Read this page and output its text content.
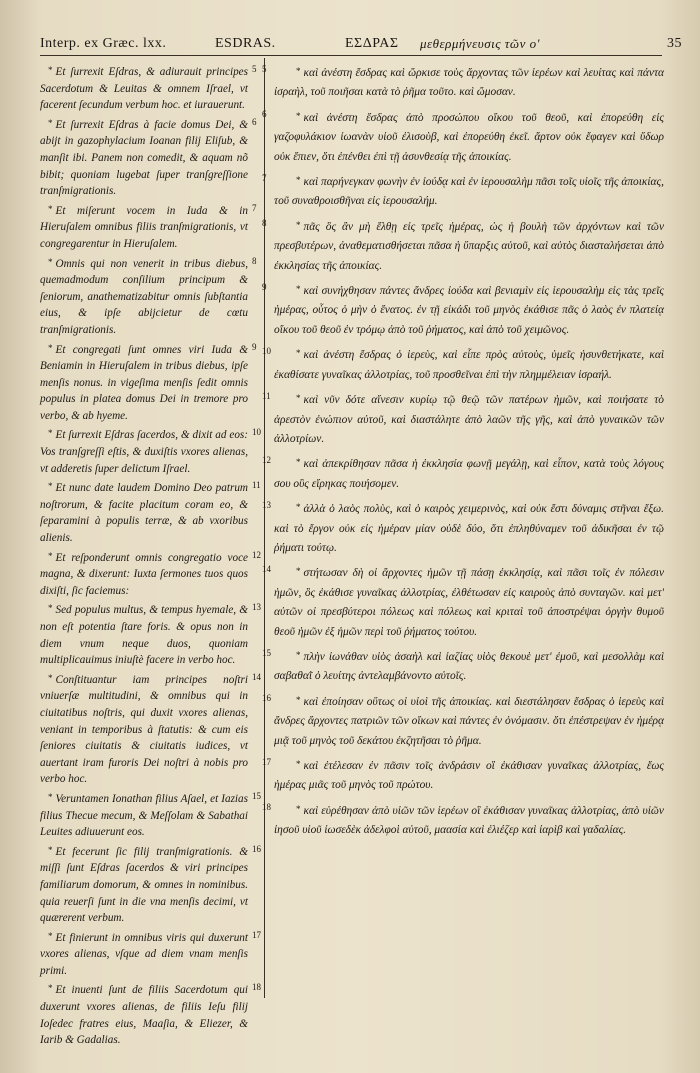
Interp. ex Græc. lxx.	ESDRAS.	ΕΣΔΡΑΣ μεθερμήνευσις τῶν ο'	35

* Et ſurrexit Eſdras, & adiurauit principes Sacerdotum & Leuitas & omnem Iſrael, vt facerent ſecundum verbum hoc. et iurauerunt.

* Et ſurrexit Eſdras à facie domus Dei, & abijt in gazophylacium Ioanan filij Eliſub, & manſit ibi. Panem non comedit, & aquam nõ bibit; quoniam lugebat ſuper tranſgreſſione tranſmigrationis.

* Et miſerunt vocem in Iuda & in Hieruſalem omnibus filiis tranſmigrationis, vt congregarentur in Hieruſalem.

* Omnis qui non venerit in tribus diebus, quemadmodum conſilium principum & ſeniorum, anathematizabitur omnis ſubſtantia eius, & ipſe abijcietur de cœtu tranſmigrationis.

* Et congregati ſunt omnes viri Iuda & Beniamin in Hieruſalem in tribus diebus, ipſe menſis nonus. in vigeſima menſis ſedit omnis populus in platea domus Dei in tremore pro verbo, & ab hyeme.

* Et ſurrexit Eſdras ſacerdos, & dixit ad eos: Vos tranſgreſſi eſtis, & duxiſtis vxores alienas, vt adderetis ſuper delictum Iſrael.

* Et nunc date laudem Domino Deo patrum noſtrorum, & facite placitum coram eo, & ſeparamini à populis terræ, & ab vxoribus alienis.

* Et reſponderunt omnis congregatio voce magna, & dixerunt: Iuxta ſermones tuos quos dixiſti, ſic faciemus:

* Sed populus multus, & tempus hyemale, & non eſt potentia ſtare foris. & opus non in diem vnum neque duos, quoniam multiplicauimus iniuſtè facere in verbo hoc.

* Conſtituantur iam principes noſtri vniuerſæ multitudini, & omnibus qui in ciuitatibus noſtris, qui duxit vxores alienas, veniant in temporibus à ſtatutis: & cum eis ſeniores ciuitatis & ciuitatis iudices, vt auertant iram furoris Dei noſtri à nobis pro verbo hoc.

* Veruntamen Ionathan filius Aſael, et Iazias filius Thecue mecum, & Meſſolam & Sabathai Leuites adiuuerunt eos.

* Et fecerunt ſic filij tranſmigrationis. & miſſi ſunt Eſdras ſacerdos & viri principes familiarum domorum, & omnes in nominibus. quia reuerſi ſunt in die vna menſis decimi, vt quærerent verbum.

* Et finierunt in omnibus viris qui duxerunt vxores alienas, vſque ad diem vnam menſis primi.

* Et inuenti ſunt de filiis Sacerdotum qui duxerunt vxores alienas, de filiis Ieſu filij Ioſedec fratres eius, Maaſia, & Eliezer, & Iarib & Gadalias.

* καὶ ἀνέστη ἔσδρας καὶ ὥρκισε τοὺς ἄρχοντας τῶν ἱερέων καὶ λευίτας καὶ πάντα ἰσραὴλ, τοῦ ποιῆσαι κατὰ τὸ ῥῆμα τοῦτο. καὶ ὤμοσαν.

* καὶ ἀνέστη ἔσδρας ἀπὸ προσώπου οἴκου τοῦ θεοῦ, καὶ ἐπορεύθη εἰς γαζοφυλάκιον ἰωανὰν υἱοῦ ἐλισοὺβ, καὶ ἐπορεύθη ἐκεῖ. ἄρτον οὐκ ἔφαγεν καὶ ὕδωρ οὐκ ἔπιεν, ὅτι ἐπένθει ἐπὶ τῇ ἀσυνθεσίᾳ τῆς ἀποικίας.

* καὶ παρήνεγκαν φωνὴν ἐν ἰούδᾳ καὶ ἐν ἱερουσαλὴμ πᾶσι τοῖς υἱοῖς τῆς ἀποικίας, τοῦ συναθροισθῆναι εἰς ἱερουσαλήμ.

* πᾶς ὃς ἂν μὴ ἔλθῃ εἰς τρεῖς ἡμέρας, ὡς ἡ βουλὴ τῶν ἀρχόντων καὶ τῶν πρεσβυτέρων, ἀναθεματισθήσεται πᾶσα ἡ ὕπαρξις αὐτοῦ, καὶ αὐτὸς διασταλήσεται ἀπὸ ἐκκλησίας τῆς ἀποικίας.

* καὶ συνήχθησαν πάντες ἄνδρες ἰούδα καὶ βενιαμὶν εἰς ἱερουσαλὴμ εἰς τὰς τρεῖς ἡμέρας, οὗτος ὁ μὴν ὁ ἔνατος. ἐν τῇ εἰκάδι τοῦ μηνὸς ἐκάθισε πᾶς ὁ λαὸς ἐν πλατείᾳ οἴκου τοῦ θεοῦ ἐν τρόμῳ ἀπὸ τοῦ ῥήματος, καὶ ἀπὸ τοῦ χειμῶνος.

* καὶ ἀνέστη ἔσδρας ὁ ἱερεὺς, καὶ εἶπε πρὸς αὐτοὺς, ὑμεῖς ἠσυνθετήκατε, καὶ ἐκαθίσατε γυναῖκας ἀλλοτρίας, τοῦ προσθεῖναι ἐπὶ τὴν πλημμέλειαν ἰσραήλ.

* καὶ νῦν δότε αἴνεσιν κυρίῳ τῷ θεῷ τῶν πατέρων ἡμῶν, καὶ ποιήσατε τὸ ἀρεστὸν ἐνώπιον αὐτοῦ, καὶ διαστάλητε ἀπὸ λαῶν τῆς γῆς, καὶ ἀπὸ γυναικῶν τῶν ἀλλοτρίων.

* καὶ ἀπεκρίθησαν πᾶσα ἡ ἐκκλησία φωνῇ μεγάλῃ, καὶ εἶπον, κατὰ τοὺς λόγους σου οὓς εἴρηκας ποιήσομεν.

* ἀλλὰ ὁ λαὸς πολὺς, καὶ ὁ καιρὸς χειμερινὸς, καὶ οὐκ ἔστι δύναμις στῆναι ἔξω. καὶ τὸ ἔργον οὐκ εἰς ἡμέραν μίαν οὐδὲ δύο, ὅτι ἐπληθύναμεν τοῦ ἀδικῆσαι ἐν τῷ ῥήματι τούτῳ.

* στήτωσαν δὴ οἱ ἄρχοντες ἡμῶν τῇ πάσῃ ἐκκλησίᾳ, καὶ πᾶσι τοῖς ἐν πόλεσιν ἡμῶν, ὃς ἐκάθισε γυναῖκας ἀλλοτρίας, ἐλθέτωσαν εἰς καιροὺς ἀπὸ συνταγῶν. καὶ μετ' αὐτῶν οἱ πρεσβύτεροι πόλεως καὶ πόλεως καὶ κριταὶ τοῦ ἀποστρέψαι ὀργὴν θυμοῦ θεοῦ ἡμῶν ἐξ ἡμῶν περὶ τοῦ ῥήματος τούτου.

* πλὴν ἰωνάθαν υἱὸς ἀσαὴλ καὶ ἰαζίας υἱὸς θεκουὲ μετ' ἐμοῦ, καὶ μεσολλὰμ καὶ σαβαθαῒ ὁ λευίτης ἀντελαμβάνοντο αὐτοῖς.

* καὶ ἐποίησαν οὕτως οἱ υἱοὶ τῆς ἀποικίας. καὶ διεστάλησαν ἔσδρας ὁ ἱερεὺς καὶ ἄνδρες ἄρχοντες πατριῶν τῶν οἴκων καὶ πάντες ἐν ὀνόμασιν. ὅτι ἐπέστρεψαν ἐν ἡμέρᾳ μιᾷ τοῦ μηνὸς τοῦ δεκάτου ἐκζητῆσαι τὸ ῥῆμα.

* καὶ ἐτέλεσαν ἐν πᾶσιν τοῖς ἀνδράσιν οἳ ἐκάθισαν γυναῖκας ἀλλοτρίας, ἕως ἡμέρας μιᾶς τοῦ μηνὸς τοῦ πρώτου.

* καὶ εὑρέθησαν ἀπὸ υἱῶν τῶν ἱερέων οἳ ἐκάθισαν γυναῖκας ἀλλοτρίας, ἀπὸ υἱῶν ἰησοῦ υἱοῦ ἰωσεδὲκ ἀδελφοὶ αὐτοῦ, μαασία καὶ ἐλιέζερ καὶ ἰαρὶβ καὶ γαδαλίας.

5
6
7
8
9
10
11
12
13
14
15
16
17
18
5
6
7
8
9
10
11
12
13
14
15
16
17
18
